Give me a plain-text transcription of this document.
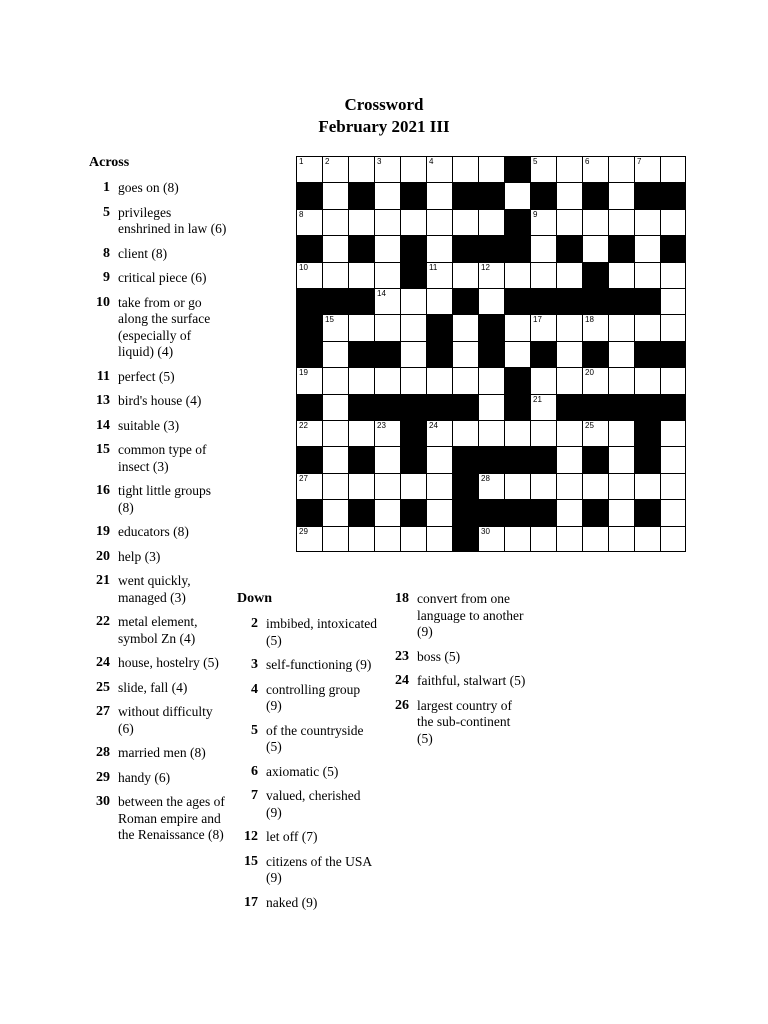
Crossword
February 2021 III
Across
1 goes on (8)
5 privileges enshrined in law (6)
8 client (8)
9 critical piece (6)
10 take from or go along the surface (especially of liquid) (4)
11 perfect (5)
13 bird's house (4)
14 suitable (3)
15 common type of insect (3)
16 tight little groups (8)
19 educators (8)
20 help (3)
21 went quickly, managed (3)
22 metal element, symbol Zn (4)
24 house, hostelry (5)
25 slide, fall (4)
27 without difficulty (6)
28 married men (8)
29 handy (6)
30 between the ages of Roman empire and the Renaissance (8)
Down
2 imbibed, intoxicated (5)
3 self-functioning (9)
4 controlling group (9)
5 of the countryside (5)
6 axiomatic (5)
7 valued, cherished (9)
12 let off (7)
15 citizens of the USA (9)
17 naked (9)
18 convert from one language to another (9)
23 boss (5)
24 faithful, stalwart (5)
26 largest country of the sub-continent (5)
1	2	3	4	5	6	7
8	9
10	11	12	13
14
15	16	17	18
19	20
21
22	23	24	25	26
27	28
29	30
